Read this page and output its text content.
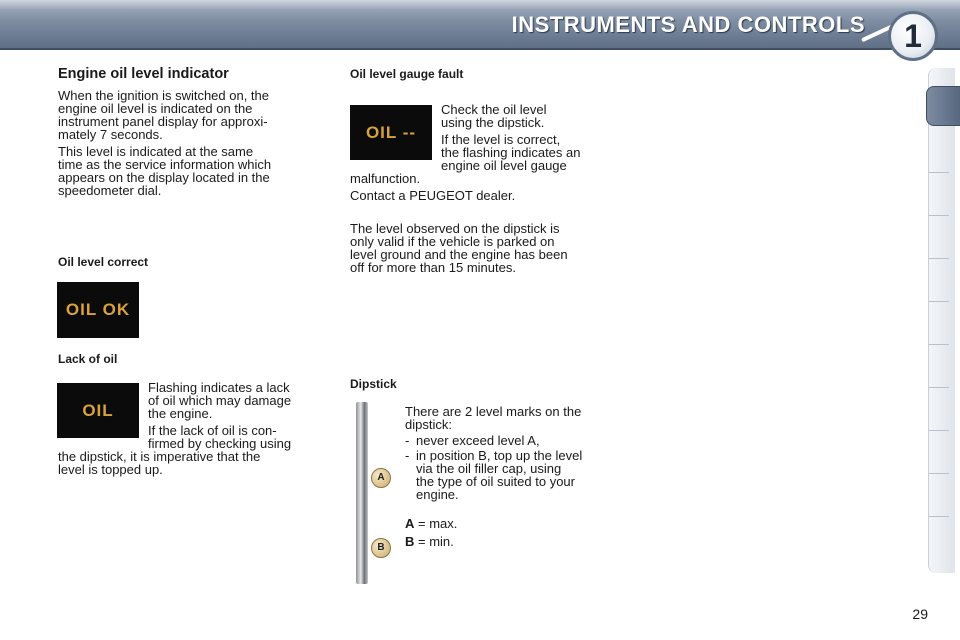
INSTRUMENTS AND CONTROLS	1
Engine oil level indicator
When the ignition is switched on, the
engine oil level is indicated on the
instrument panel display for approxi-
mately 7 seconds.
This level is indicated at the same
time as the service information which
appears on the display located in the
speedometer dial.
Oil level correct
OIL OK
Lack of oil
OIL
Flashing indicates a lack
of oil which may damage
the engine.
If the lack of oil is con-
firmed by checking using
the dipstick, it is imperative that the
level is topped up.
Oil level gauge fault
OIL --
Check the oil level
using the dipstick.
If the level is correct,
the flashing indicates an
engine oil level gauge
malfunction.
Contact a PEUGEOT dealer.
The level observed on the dipstick is
only valid if the vehicle is parked on
level ground and the engine has been
off for more than 15 minutes.
Dipstick
A
B
There are 2 level marks on the
dipstick:
- never exceed level A,
- in position B, top up the level
via the oil filler cap, using
the type of oil suited to your
engine.
A = max.
B = min.
29
